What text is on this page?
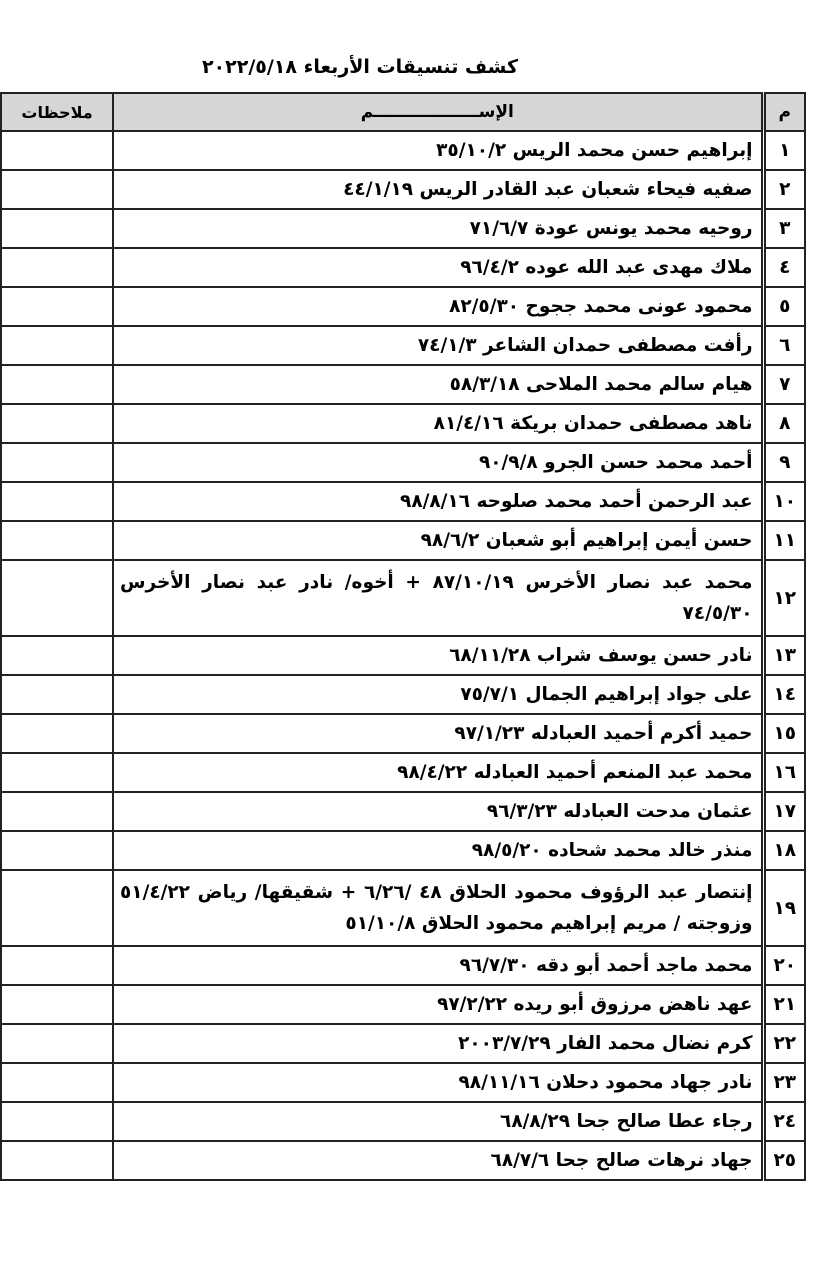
كشف تنسيقات الأربعاء ٢٠٢٢/٥/١٨
م	الإســــــــــــــــــم	ملاحظات
١	إبراهيم حسن محمد الريس ٣٥/١٠/٢	
٢	صفيه فيحاء شعبان عبد القادر الريس ٤٤/١/١٩	
٣	روحيه محمد يونس عودة ٧١/٦/٧	
٤	ملاك مهدى عبد الله عوده ٩٦/٤/٢	
٥	محمود عونى محمد ججوح ٨٢/٥/٣٠	
٦	رأفت مصطفى حمدان الشاعر ٧٤/١/٣	
٧	هيام سالم محمد الملاحى ٥٨/٣/١٨	
٨	ناهد مصطفى حمدان بريكة ٨١/٤/١٦	
٩	أحمد محمد حسن الجرو ٩٠/٩/٨	
١٠	عبد الرحمن أحمد محمد صلوحه ٩٨/٨/١٦	
١١	حسن أيمن إبراهيم أبو شعبان ٩٨/٦/٢	
١٢	محمد عبد نصار الأخرس ٨٧/١٠/١٩ + أخوه/ نادر عبد نصار الأخرس ٧٤/٥/٣٠	
١٣	نادر حسن يوسف شراب ٦٨/١١/٢٨	
١٤	على جواد إبراهيم الجمال ٧٥/٧/١	
١٥	حميد أكرم أحميد العبادله ٩٧/١/٢٣	
١٦	محمد عبد المنعم أحميد العبادله ٩٨/٤/٢٢	
١٧	عثمان مدحت العبادله ٩٦/٣/٢٣	
١٨	منذر خالد محمد شحاده ٩٨/٥/٢٠	
١٩	إنتصار عبد الرؤوف محمود الحلاق ٤٨ /٦/٢٦ + شقيقها/ رياض ٥١/٤/٢٢ وزوجته / مريم إبراهيم محمود الحلاق ٥١/١٠/٨	
٢٠	محمد ماجد أحمد أبو دقه ٩٦/٧/٣٠	
٢١	عهد ناهض مرزوق أبو ريده ٩٧/٢/٢٢	
٢٢	كرم نضال محمد الفار ٢٠٠٣/٧/٢٩	
٢٣	نادر جهاد محمود دحلان ٩٨/١١/١٦	
٢٤	رجاء عطا صالح جحا ٦٨/٨/٢٩	
٢٥	جهاد نرهات صالح جحا ٦٨/٧/٦	
